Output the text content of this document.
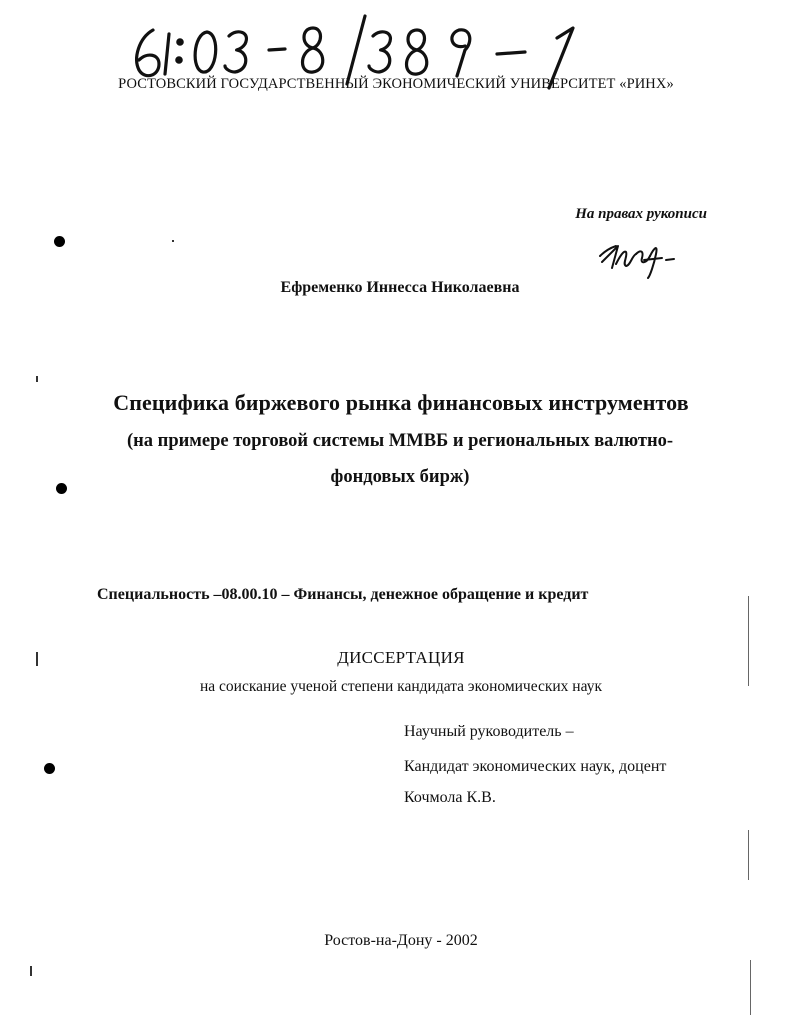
РОСТОВСКИЙ ГОСУДАРСТВЕННЫЙ ЭКОНОМИЧЕСКИЙ УНИВЕРСИТЕТ «РИНХ»
На правах рукописи
Ефременко Иннесса Николаевна
Специфика биржевого рынка финансовых инструментов
(на примере торговой системы ММВБ и региональных валютно-
фондовых бирж)
Специальность –08.00.10 – Финансы, денежное обращение и кредит
ДИССЕРТАЦИЯ
на соискание ученой степени кандидата экономических наук
Научный руководитель –
Кандидат экономических наук, доцент
Кочмола К.В.
Ростов-на-Дону - 2002
